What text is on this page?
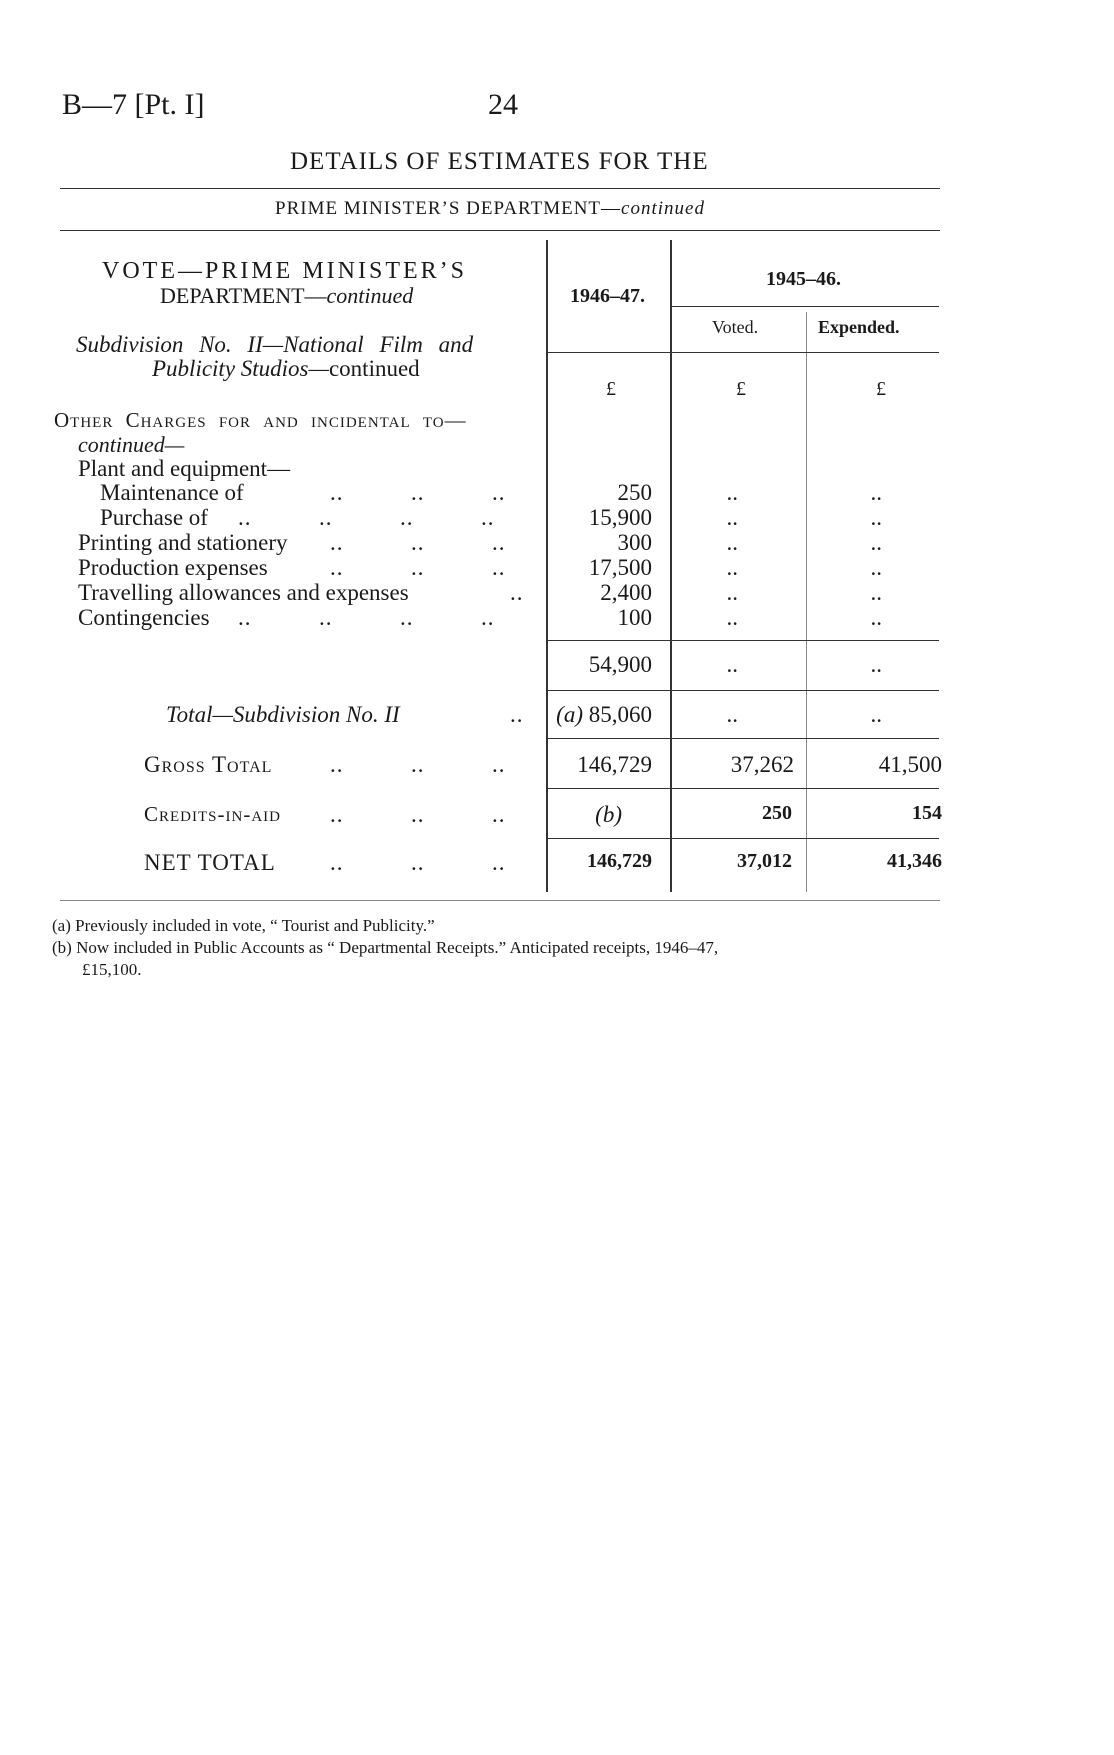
B—7 [Pt. I]	24
DETAILS OF ESTIMATES FOR THE
PRIME MINISTER’S DEPARTMENT—continued
VOTE—PRIME MINISTER’S
DEPARTMENT—continued
Subdivision No. II—National Film and
Publicity Studios—continued
1946–47.
1945–46.
Voted.	Expended.
£	£	£
Other Charges for and incidental to—
continued—
Plant and equipment—
Maintenance of	..          ..          ..	250	..	..
Purchase of ..          ..          ..          ..	15,900	..	..
Printing and stationery ..          ..          ..	300	..	..
Production expenses	..          ..          ..	17,500	..	..
Travelling allowances and expenses	..	2,400	..	..
Contingencies ..          ..          ..          ..	100	..	..
54,900	..	..
Total—Subdivision No. II	..	(a) 85,060	..	..
Gross Total	..          ..          ..	146,729	37,262	41,500
Credits-in-aid ..          ..          ..	(b)	250	154
NET TOTAL ..          ..          ..	146,729	37,012	41,346
(a) Previously included in vote, “ Tourist and Publicity.”
(b) Now included in Public Accounts as “ Departmental Receipts.” Anticipated receipts, 1946–47,
£15,100.
